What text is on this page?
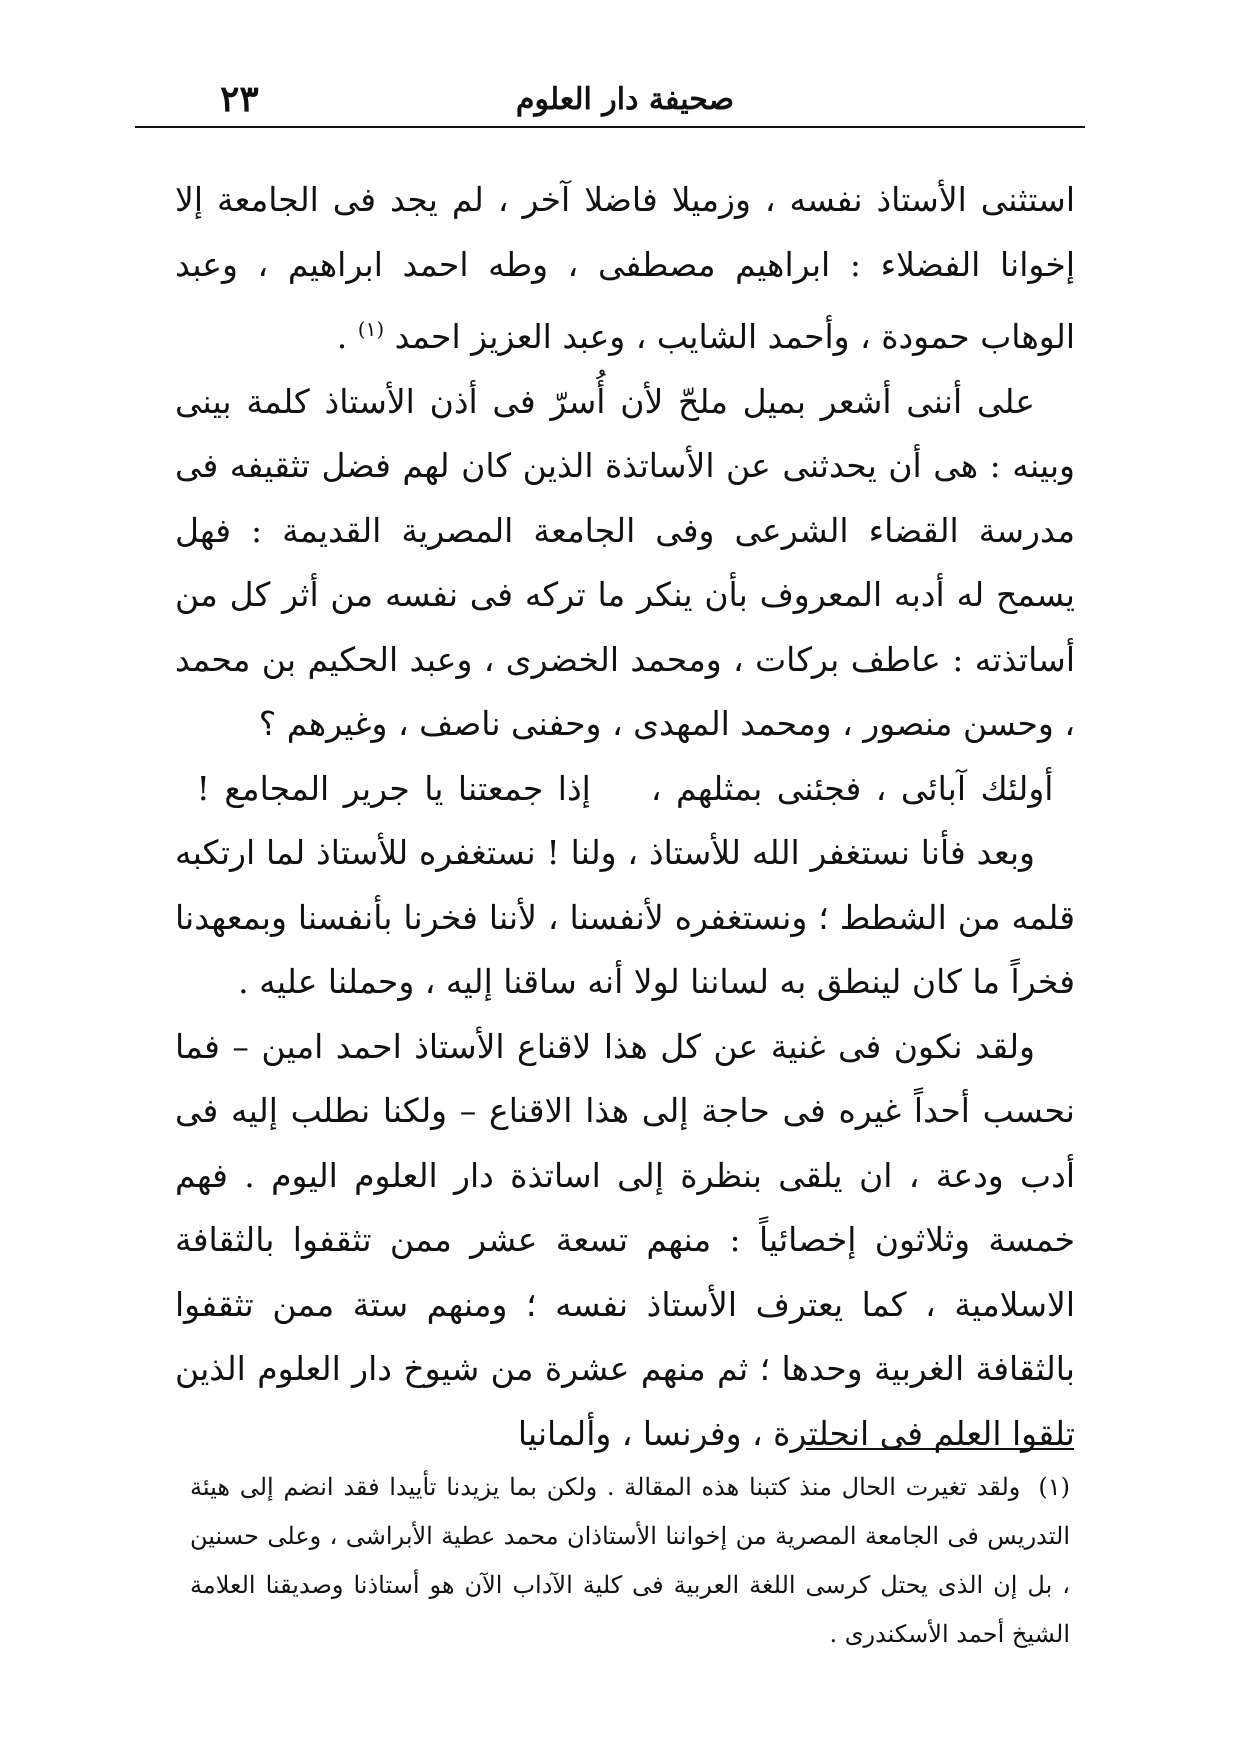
٢٣	صحيفة دار العلوم

استثنى الأستاذ نفسه ، وزميلا فاضلا آخر ، لم يجد فى الجامعة إلا إخوانا الفضلاء : ابراهيم مصطفى ، وطه احمد ابراهيم ، وعبد الوهاب حمودة ، وأحمد الشايب ، وعبد العزيز احمد $^{(١)}$ .

على أننى أشعر بميل ملحّ لأن أُسرّ فى أذن الأستاذ كلمة بينى وبينه : هى أن يحدثنى عن الأساتذة الذين كان لهم فضل تثقيفه فى مدرسة القضاء الشرعى وفى الجامعة المصرية القديمة : فهل يسمح له أدبه المعروف بأن ينكر ما تركه فى نفسه من أثر كل من أساتذته : عاطف بركات ، ومحمد الخضرى ، وعبد الحكيم بن محمد ، وحسن منصور ، ومحمد المهدى ، وحفنى ناصف ، وغيرهم ؟

أولئك آبائى ، فجئنى بمثلهم ،إذا جمعتنا يا جرير المجامع !

وبعد فأنا نستغفر الله للأستاذ ، ولنا ! نستغفره للأستاذ لما ارتكبه قلمه من الشطط ؛ ونستغفره لأنفسنا ، لأننا فخرنا بأنفسنا وبمعهدنا فخراً ما كان لينطق به لساننا لولا أنه ساقنا إليه ، وحملنا عليه .

ولقد نكون فى غنية عن كل هذا لاقناع الأستاذ احمد امين – فما نحسب أحداً غيره فى حاجة إلى هذا الاقناع – ولكنا نطلب إليه فى أدب ودعة ، ان يلقى بنظرة إلى اساتذة دار العلوم اليوم . فهم خمسة وثلاثون إخصائياً : منهم تسعة عشر ممن تثقفوا بالثقافة الاسلامية ، كما يعترف الأستاذ نفسه ؛ ومنهم ستة ممن تثقفوا بالثقافة الغربية وحدها ؛ ثم منهم عشرة من شيوخ دار العلوم الذين تلقوا العلم فى انجلترة ، وفرنسا ، وألمانيا

(١)ولقد تغيرت الحال منذ كتبنا هذه المقالة . ولكن بما يزيدنا تأييدا فقد انضم إلى هيئة التدريس فى الجامعة المصرية من إخواننا الأستاذان محمد عطية الأبراشى ، وعلى حسنين ، بل إن الذى يحتل كرسى اللغة العربية فى كلية الآداب الآن هو أستاذنا وصديقنا العلامة الشيخ أحمد الأسكندرى .
